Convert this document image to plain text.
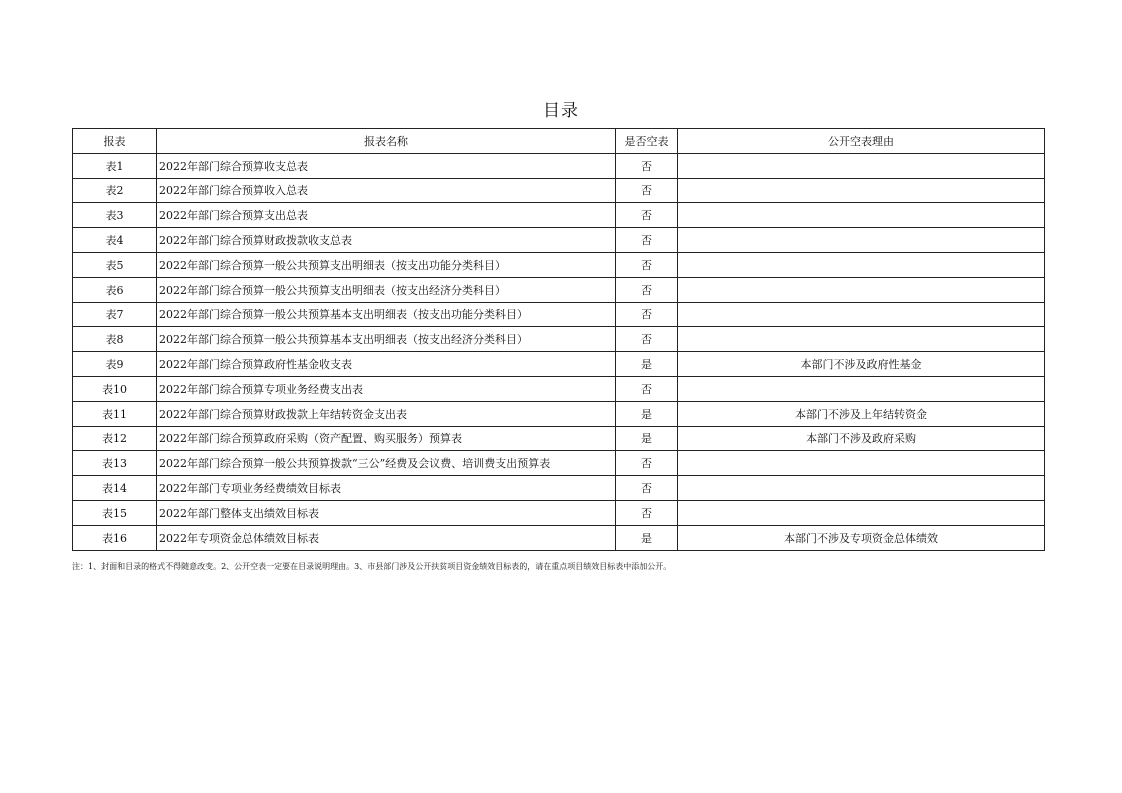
目录
报表	报表名称	是否空表	公开空表理由
表1	2022年部门综合预算收支总表	否	
表2	2022年部门综合预算收入总表	否	
表3	2022年部门综合预算支出总表	否	
表4	2022年部门综合预算财政拨款收支总表	否	
表5	2022年部门综合预算一般公共预算支出明细表（按支出功能分类科目）	否	
表6	2022年部门综合预算一般公共预算支出明细表（按支出经济分类科目）	否	
表7	2022年部门综合预算一般公共预算基本支出明细表（按支出功能分类科目）	否	
表8	2022年部门综合预算一般公共预算基本支出明细表（按支出经济分类科目）	否	
表9	2022年部门综合预算政府性基金收支表	是	本部门不涉及政府性基金
表10	2022年部门综合预算专项业务经费支出表	否	
表11	2022年部门综合预算财政拨款上年结转资金支出表	是	本部门不涉及上年结转资金
表12	2022年部门综合预算政府采购（资产配置、购买服务）预算表	是	本部门不涉及政府采购
表13	2022年部门综合预算一般公共预算拨款“三公”经费及会议费、培训费支出预算表	否	
表14	2022年部门专项业务经费绩效目标表	否	
表15	2022年部门整体支出绩效目标表	否	
表16	2022年专项资金总体绩效目标表	是	本部门不涉及专项资金总体绩效
注：1、封面和目录的格式不得随意改变。2、公开空表一定要在目录说明理由。3、市县部门涉及公开扶贫项目资金绩效目标表的，请在重点项目绩效目标表中添加公开。
